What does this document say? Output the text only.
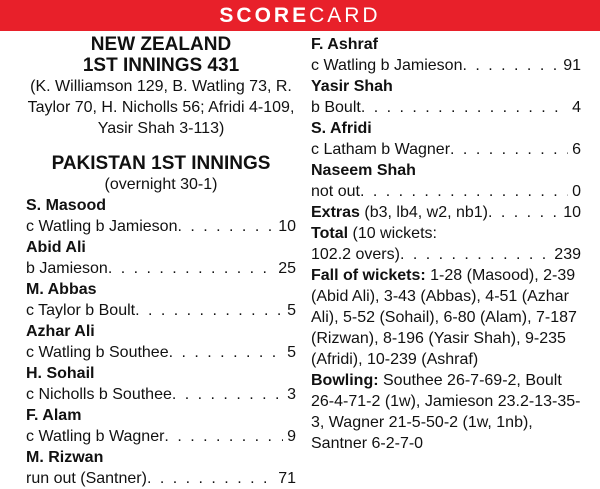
SCORECARD
NEW ZEALAND
1ST INNINGS 431
(K. Williamson 129, B. Watling 73, R. Taylor 70, H. Nicholls 56; Afridi 4-109, Yasir Shah 3-113)
PAKISTAN 1ST INNINGS
(overnight 30-1)
S. Masood
c Watling b Jamieson . . .	10
Abid Ali
b Jamieson . . .	25
M. Abbas
c Taylor b Boult . . .	5
Azhar Ali
c Watling b Southee . . .	5
H. Sohail
c Nicholls b Southee . . .	3
F. Alam
c Watling b Wagner . . .	9
M. Rizwan
run out (Santner) . . .	71
F. Ashraf
c Watling b Jamieson . . .	91
Yasir Shah
b Boult . . .	4
S. Afridi
c Latham b Wagner . . .	6
Naseem Shah
not out . . .	0
Extras (b3, lb4, w2, nb1) . . .	10
Total (10 wickets:
102.2 overs) . . .	239
Fall of wickets: 1-28 (Masood), 2-39 (Abid Ali), 3-43 (Abbas), 4-51 (Azhar Ali), 5-52 (Sohail), 6-80 (Alam), 7-187 (Rizwan), 8-196 (Yasir Shah), 9-235 (Afridi), 10-239 (Ashraf)
Bowling: Southee 26-7-69-2, Boult 26-4-71-2 (1w), Jamieson 23.2-13-35-3, Wagner 21-5-50-2 (1w, 1nb), Santner 6-2-7-0
